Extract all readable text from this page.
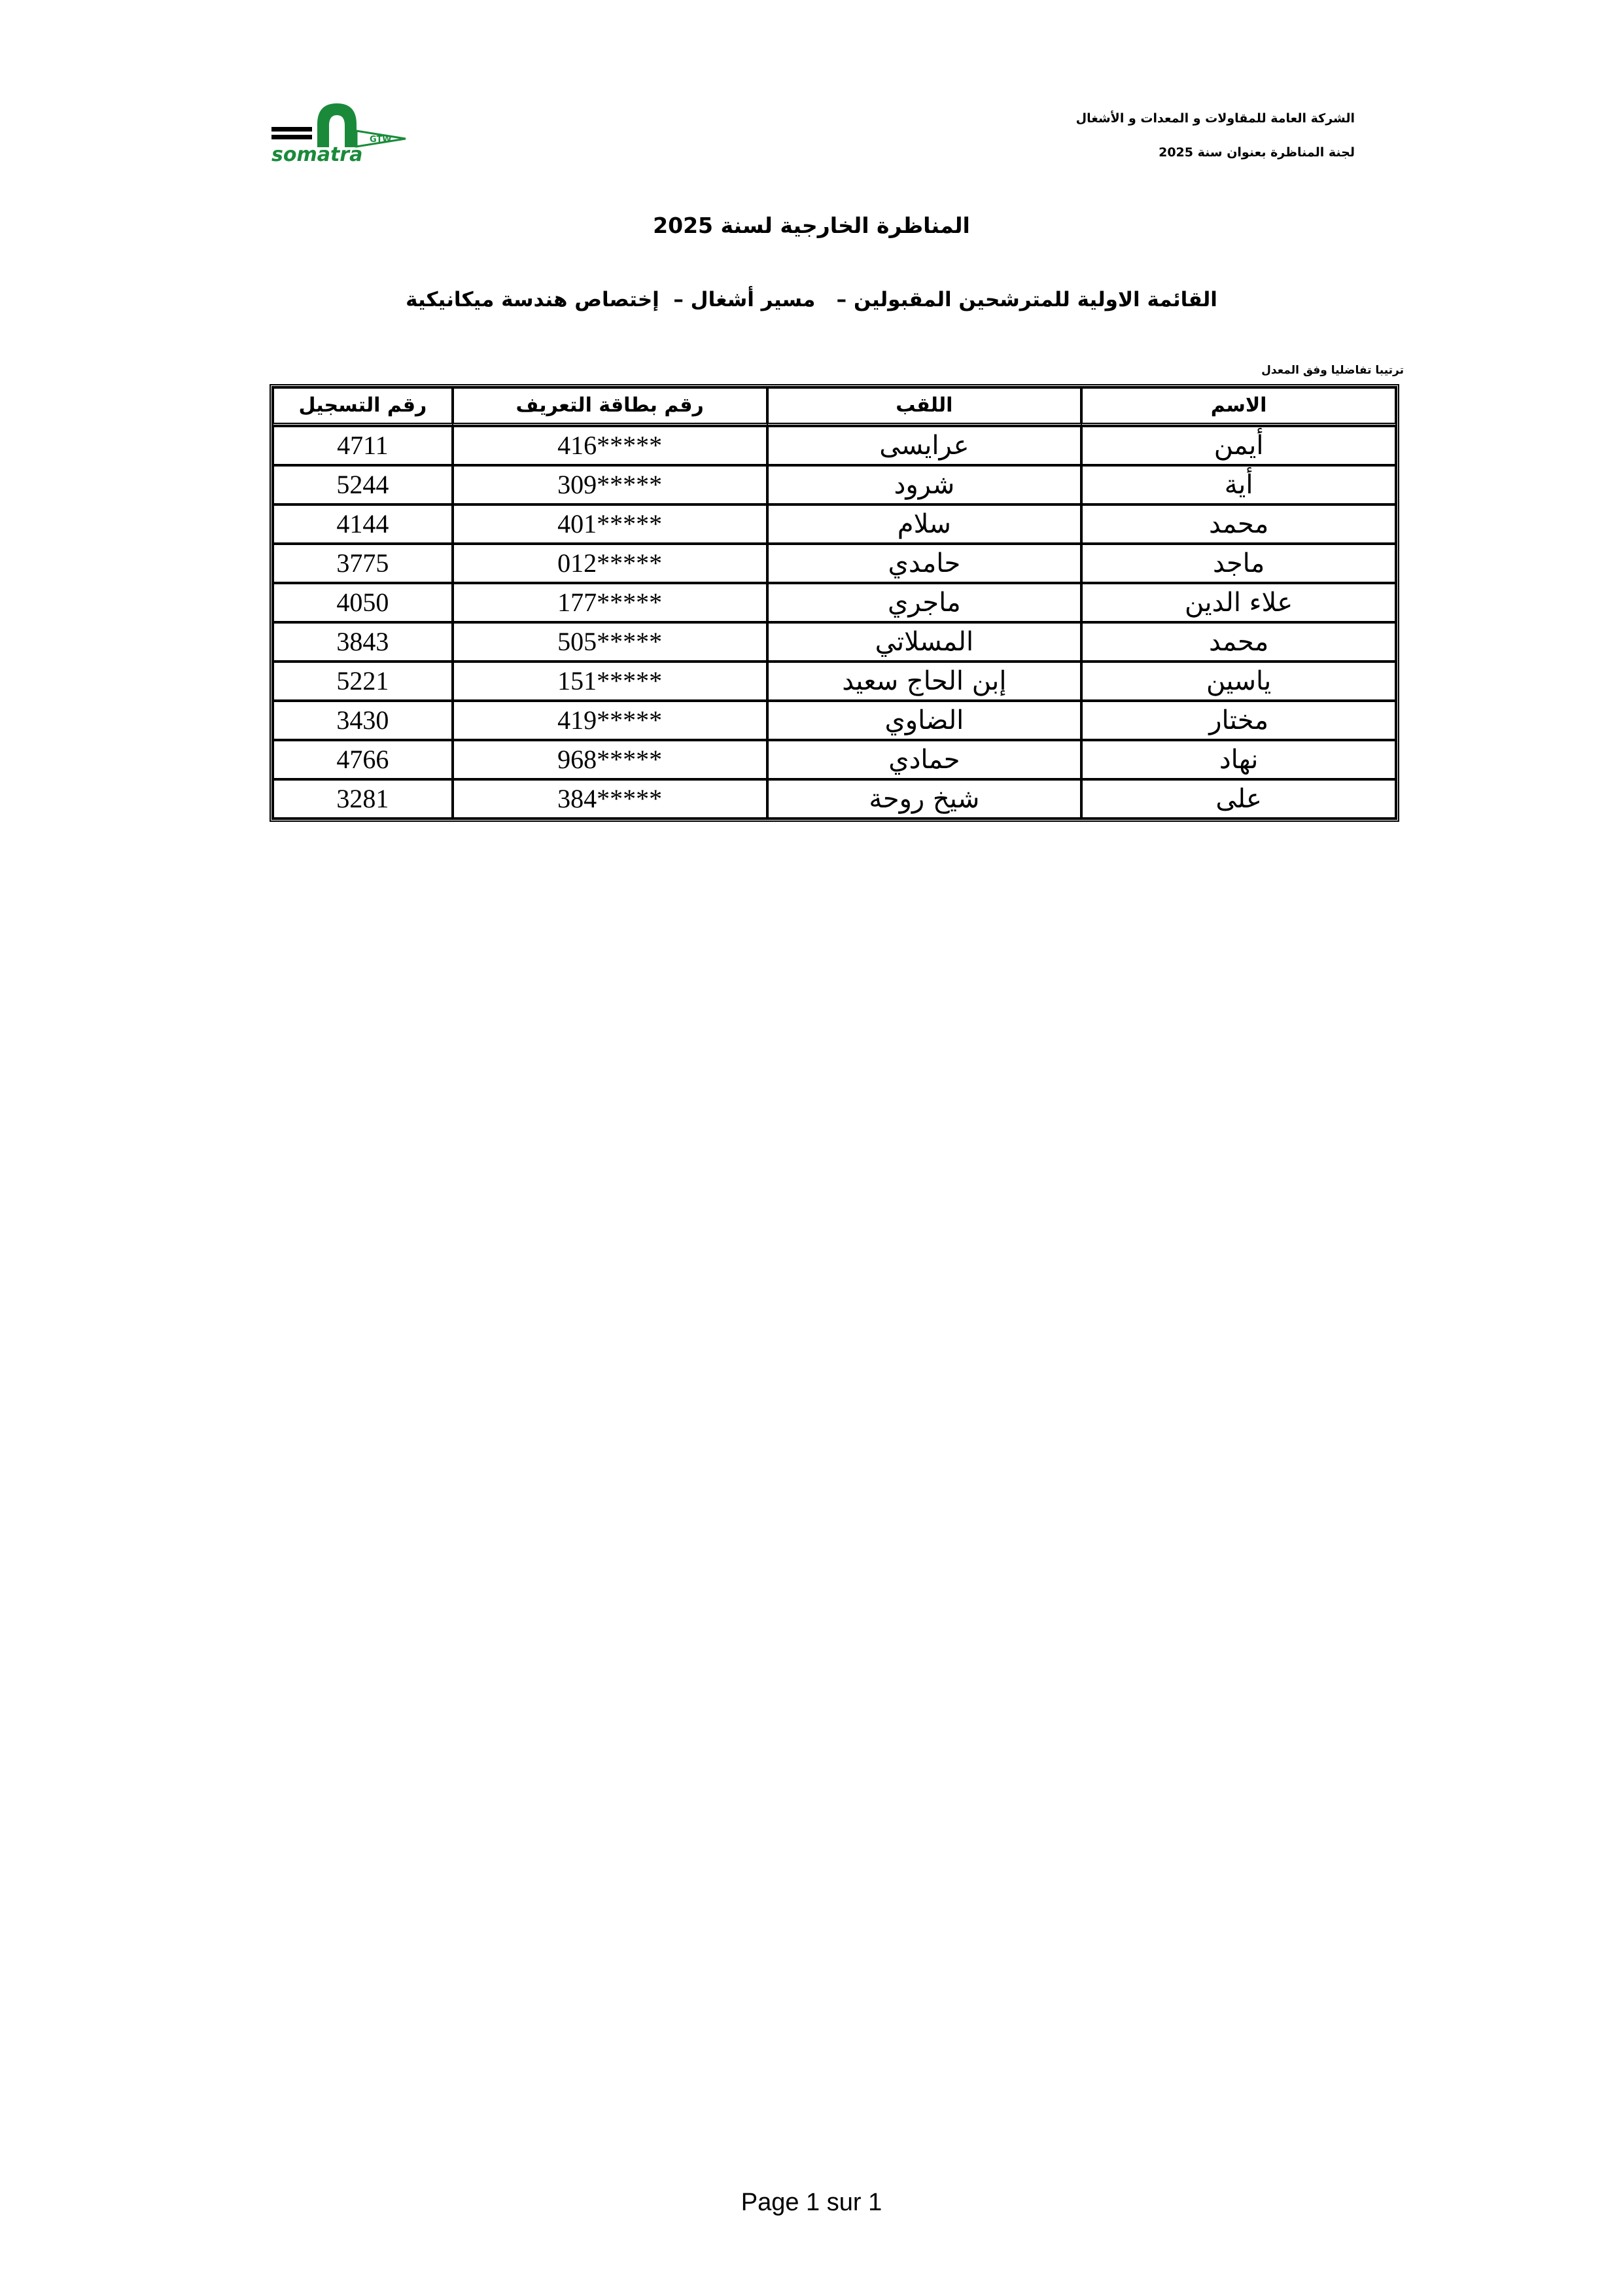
somatra
GTW
الشركة العامة للمقاولات و المعدات و الأشغال
لجنة المناظرة بعنوان سنة 2025
المناظرة الخارجية لسنة 2025
القائمة الاولية للمترشحين المقبولين –   مسير أشغال –  إختصاص هندسة ميكانيكية
ترتيبا تفاضليا وفق المعدل
الاسم	اللقب	رقم بطاقة التعريف	رقم التسجيل
أيمن	عرايسى	*****416	4711
أية	شرود	*****309	5244
محمد	سلام	*****401	4144
ماجد	حامدي	*****012	3775
علاء الدين	ماجري	*****177	4050
محمد	المسلاتي	*****505	3843
ياسين	إبن الحاج سعيد	*****151	5221
مختار	الضاوي	*****419	3430
نهاد	حمادي	*****968	4766
على	شيخ روحة	*****384	3281
Page 1 sur 1
